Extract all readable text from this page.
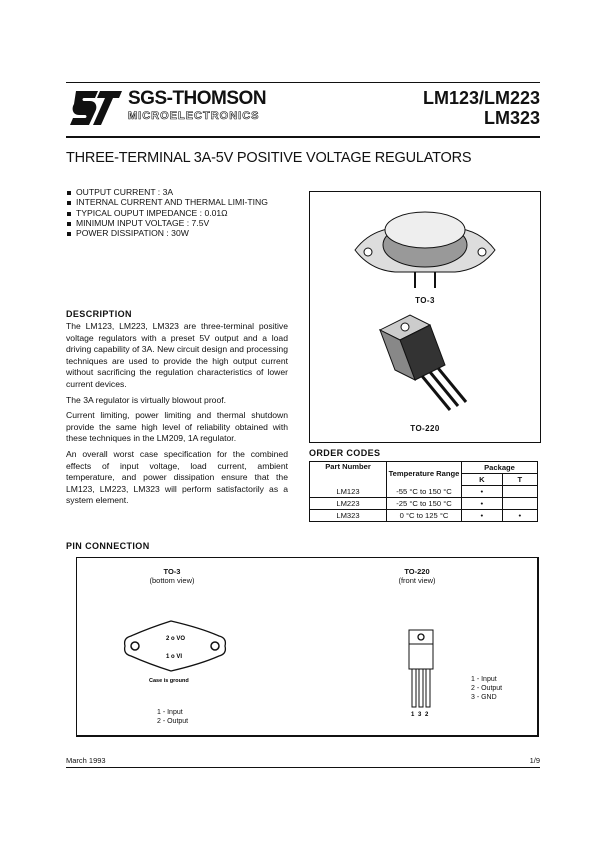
SGS-THOMSON
MICROELECTRONICS
LM123/LM223
LM323
THREE-TERMINAL 3A-5V POSITIVE VOLTAGE REGULATORS
OUTPUT CURRENT : 3A
INTERNAL CURRENT AND THERMAL LIMI-TING
TYPICAL OUPUT IMPEDANCE : 0.01Ω
MINIMUM INPUT VOLTAGE : 7.5V
POWER DISSIPATION : 30W
TO-3
TO-220
DESCRIPTION

The LM123, LM223, LM323 are three-terminal positive voltage regulators with a preset 5V output and a load driving capability of 3A. New circuit design and processing techniques are used to provide the high output current without sacrificing the regulation characteristics of lower current devices.

The 3A regulator is virtually blowout proof.

Current limiting, power limiting and thermal shutdown provide the same high level of reliability obtained with these techniques in the LM209, 1A regulator.

An overall worst case specification for the combined effects of input voltage, load current, ambient temperature, and power dissipation ensure that the LM123, LM223, LM323 will perform satisfactorily as a system element.

ORDER CODES
Part Number	Temperature Range	Package	
		K	T
LM123	-55 °C to 150 °C	•	
LM223	-25 °C to 150 °C	•	
LM323	0 °C to 125 °C	•	•
PIN CONNECTION
TO-3
(bottom view)
2 o VO
1 o VI
Case is ground
1 - Input
2 - Output
TO-220
(front view)
1 3 2
1 - Input
2 - Output
3 - GND
March 1993	1/9
